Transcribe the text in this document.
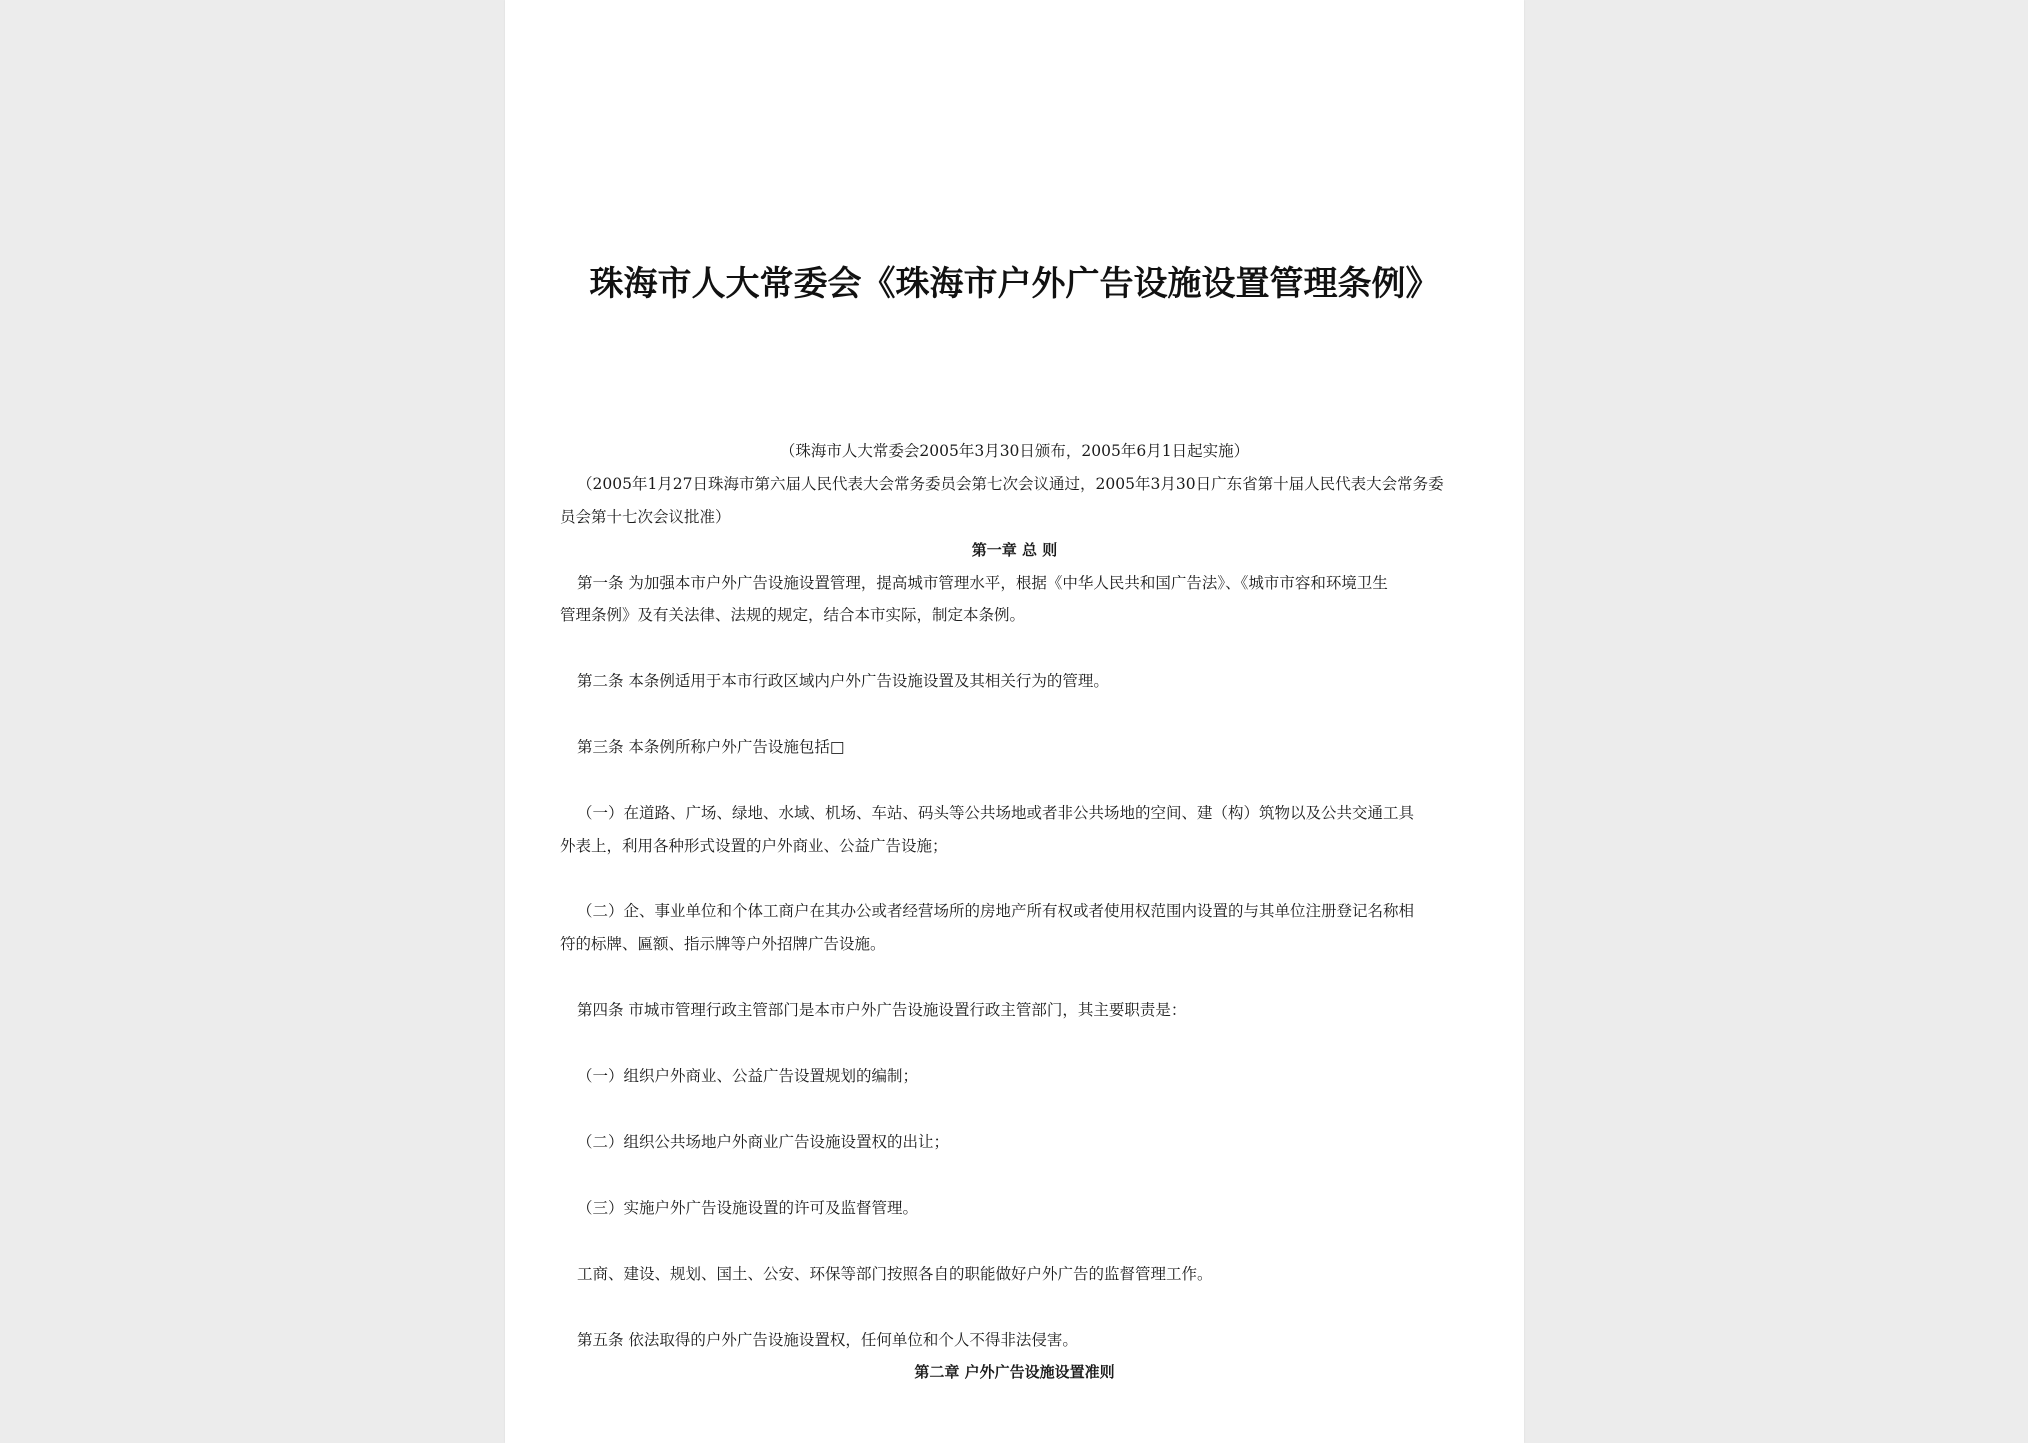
珠海市人大常委会《珠海市户外广告设施设置管理条例》

（珠海市人大常委会2005年3月30日颁布，2005年6月1日起实施）

（2005年1月27日珠海市第六届人民代表大会常务委员会第七次会议通过，2005年3月30日广东省第十届人民代表大会常务委

员会第十七次会议批准）

第一章 总 则

第一条 为加强本市户外广告设施设置管理，提高城市管理水平，根据《中华人民共和国广告法》、《城市市容和环境卫生

管理条例》及有关法律、法规的规定，结合本市实际，制定本条例。

第二条 本条例适用于本市行政区域内户外广告设施设置及其相关行为的管理。

第三条 本条例所称户外广告设施包括□

（一）在道路、广场、绿地、水域、机场、车站、码头等公共场地或者非公共场地的空间、建（构）筑物以及公共交通工具

外表上，利用各种形式设置的户外商业、公益广告设施；

（二）企、事业单位和个体工商户在其办公或者经营场所的房地产所有权或者使用权范围内设置的与其单位注册登记名称相

符的标牌、匾额、指示牌等户外招牌广告设施。

第四条 市城市管理行政主管部门是本市户外广告设施设置行政主管部门，其主要职责是：

（一）组织户外商业、公益广告设置规划的编制；

（二）组织公共场地户外商业广告设施设置权的出让；

（三）实施户外广告设施设置的许可及监督管理。

工商、建设、规划、国土、公安、环保等部门按照各自的职能做好户外广告的监督管理工作。

第五条 依法取得的户外广告设施设置权，任何单位和个人不得非法侵害。

第二章 户外广告设施设置准则
